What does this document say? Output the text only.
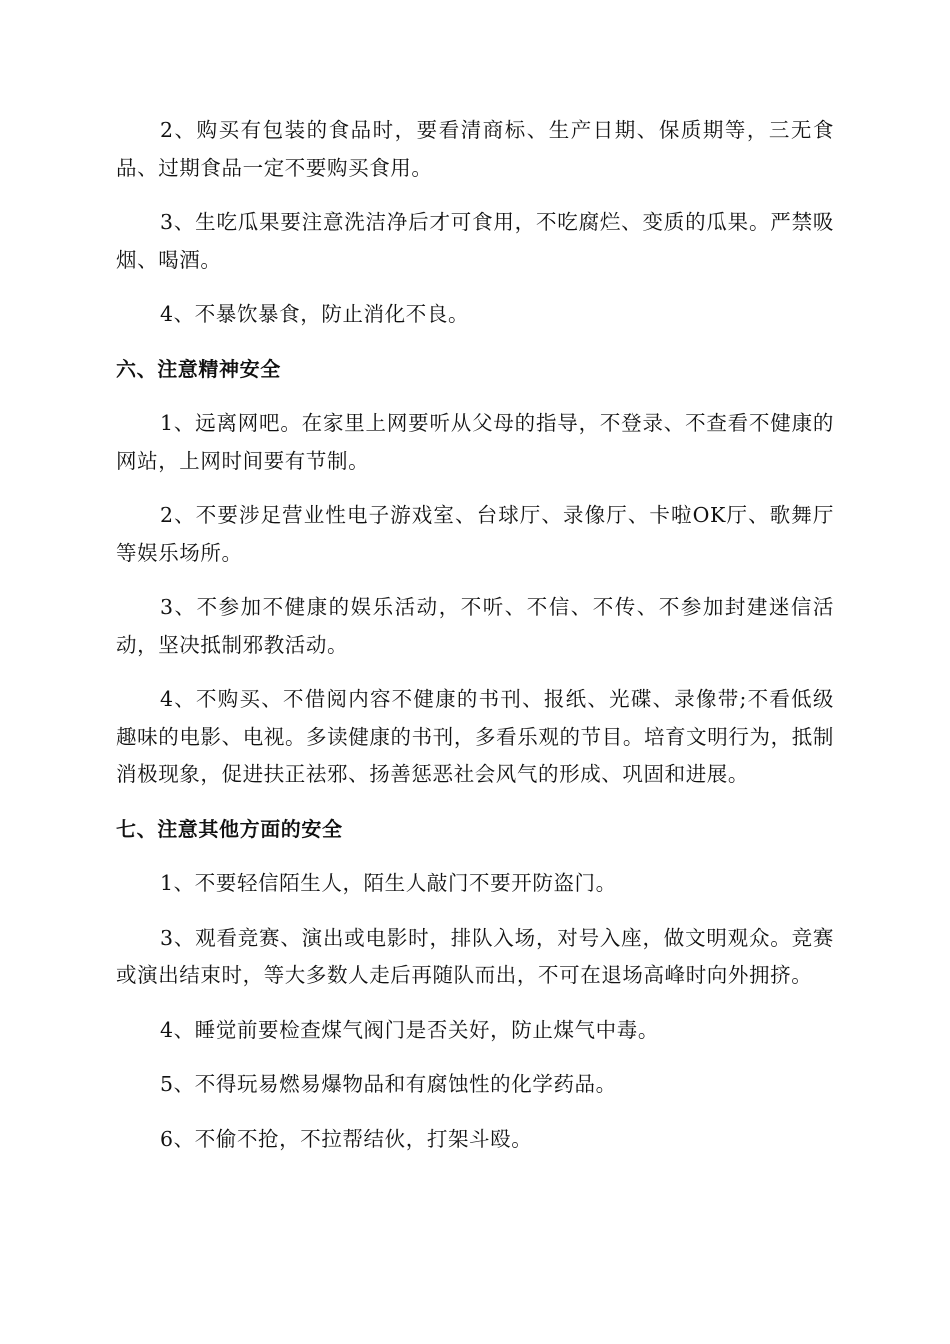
2、购买有包装的食品时，要看清商标、生产日期、保质期等，三无食品、过期食品一定不要购买食用。

3、生吃瓜果要注意洗洁净后才可食用，不吃腐烂、变质的瓜果。严禁吸烟、喝酒。

4、不暴饮暴食，防止消化不良。

六、注意精神安全

1、远离网吧。在家里上网要听从父母的指导，不登录、不查看不健康的网站，上网时间要有节制。

2、不要涉足营业性电子游戏室、台球厅、录像厅、卡啦OK厅、歌舞厅等娱乐场所。

3、不参加不健康的娱乐活动，不听、不信、不传、不参加封建迷信活动，坚决抵制邪教活动。

4、不购买、不借阅内容不健康的书刊、报纸、光碟、录像带;不看低级趣味的电影、电视。多读健康的书刊，多看乐观的节目。培育文明行为，抵制消极现象，促进扶正祛邪、扬善惩恶社会风气的形成、巩固和进展。

七、注意其他方面的安全

1、不要轻信陌生人，陌生人敲门不要开防盗门。

3、观看竞赛、演出或电影时，排队入场，对号入座，做文明观众。竞赛或演出结束时，等大多数人走后再随队而出，不可在退场高峰时向外拥挤。

4、睡觉前要检查煤气阀门是否关好，防止煤气中毒。

5、不得玩易燃易爆物品和有腐蚀性的化学药品。

6、不偷不抢，不拉帮结伙，打架斗殴。
